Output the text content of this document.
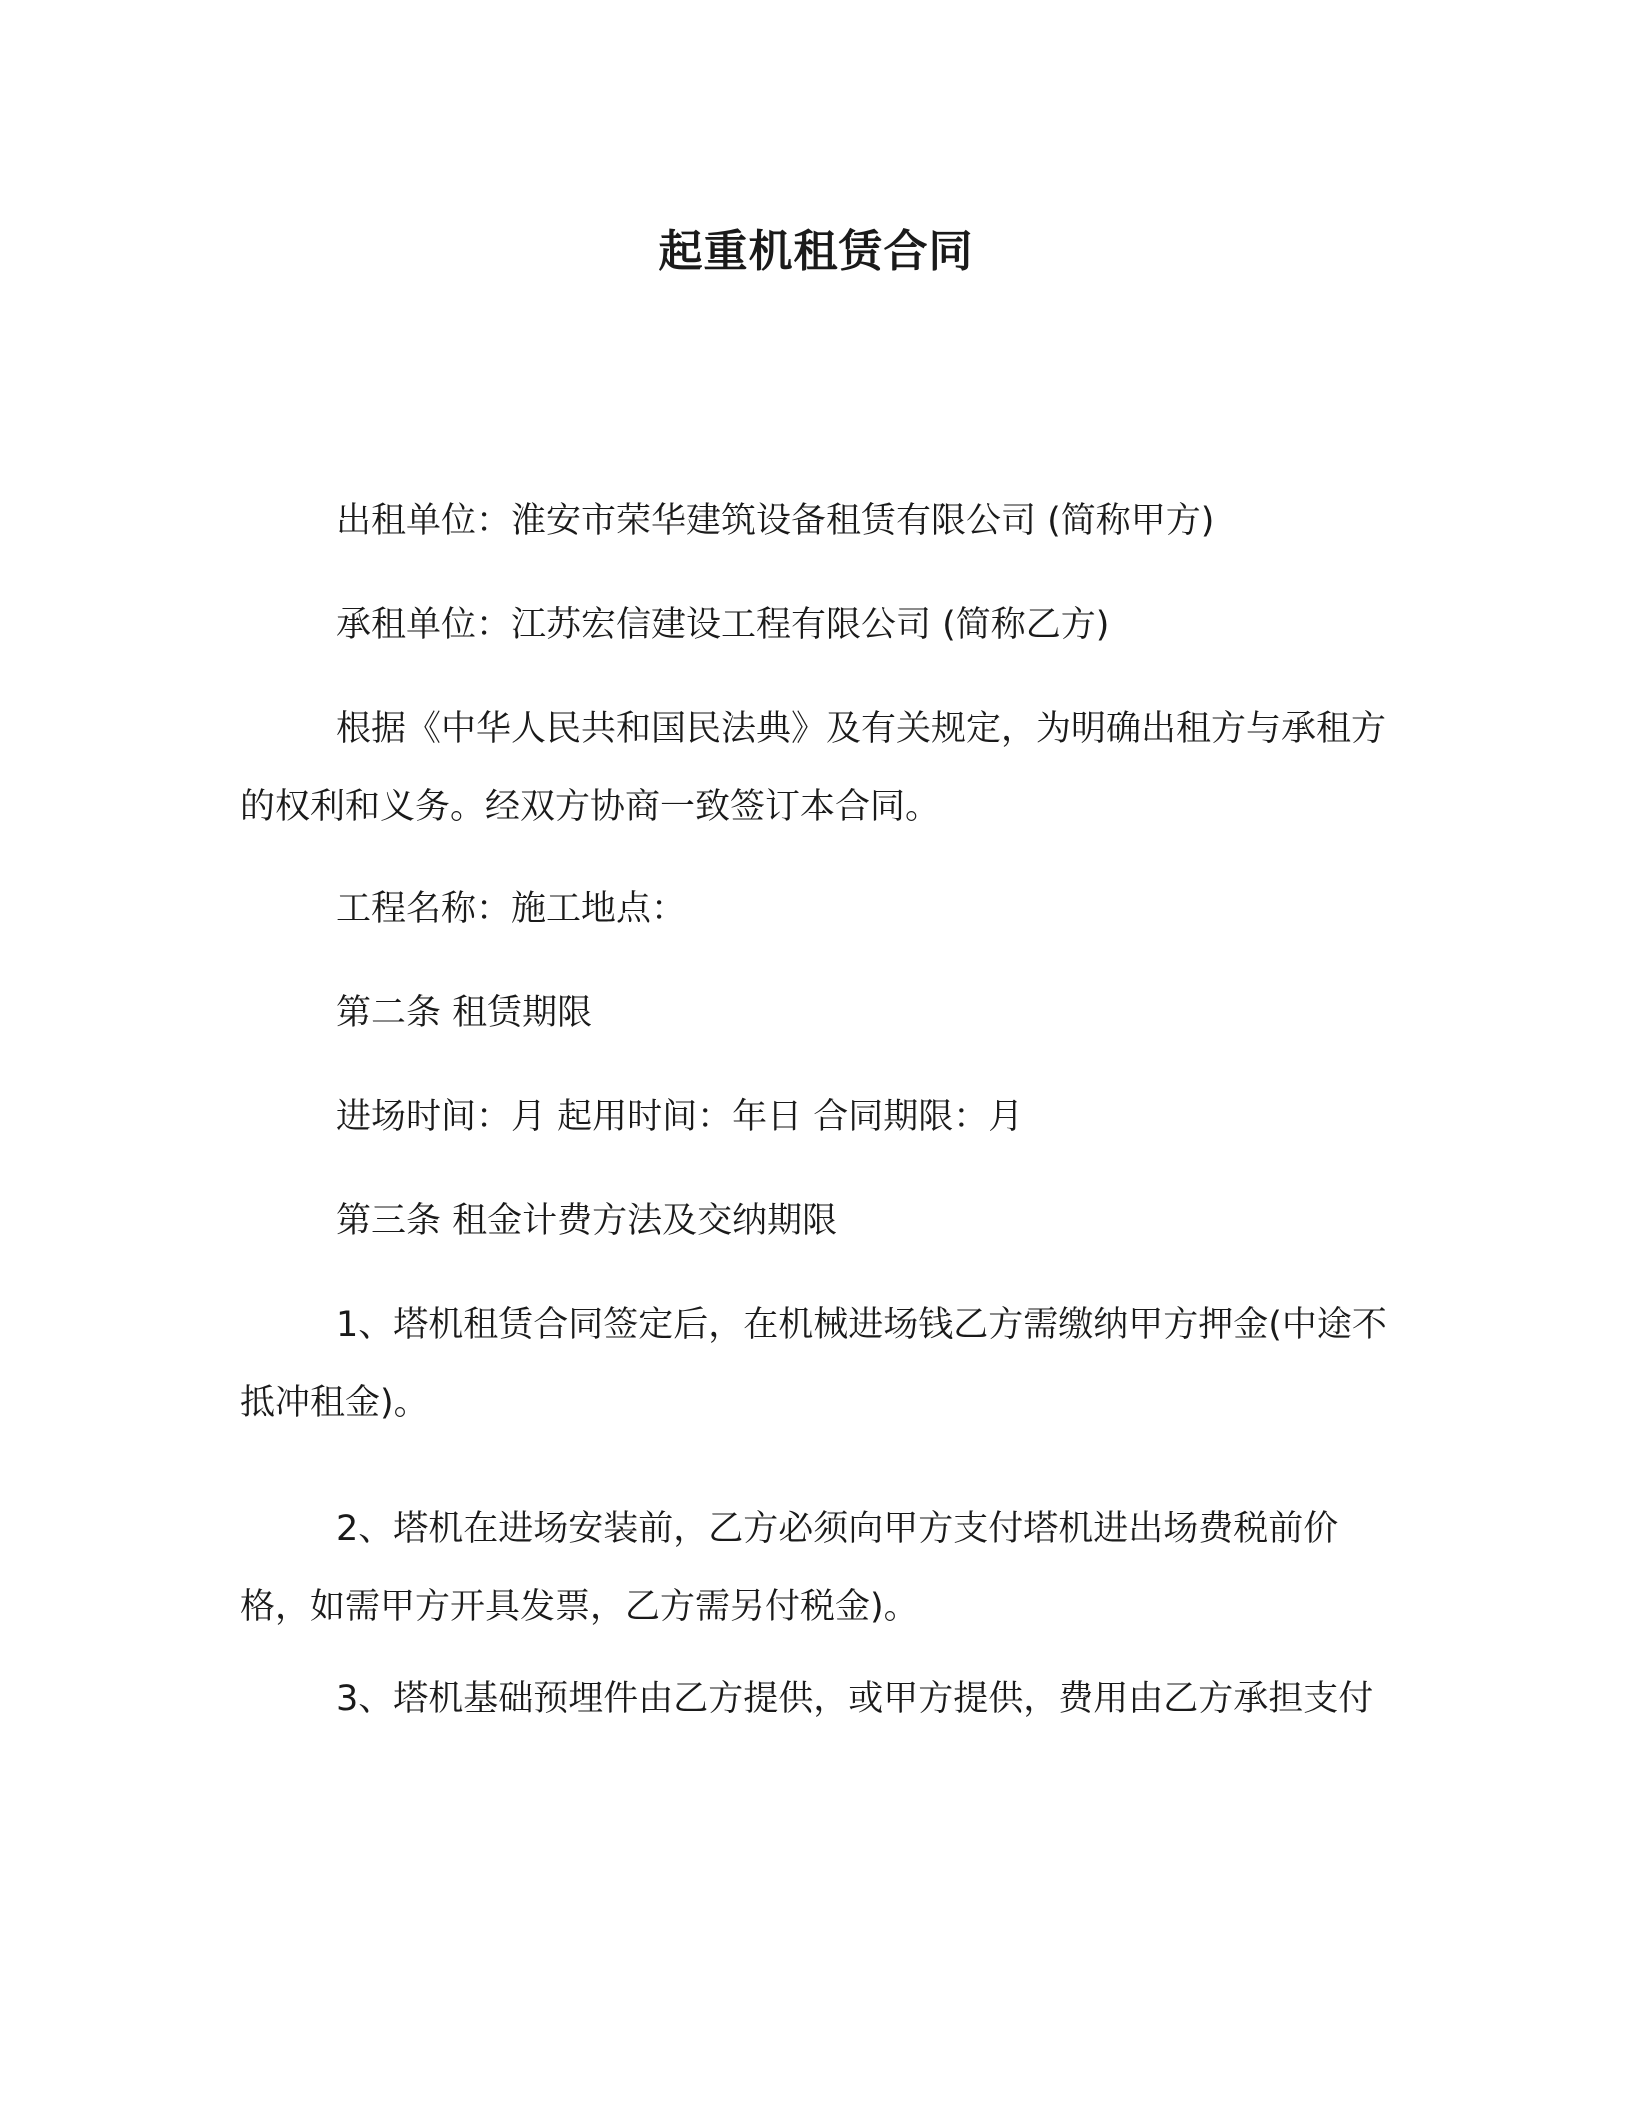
起重机租赁合同
出租单位：淮安市荣华建筑设备租赁有限公司 (简称甲方)
承租单位：江苏宏信建设工程有限公司 (简称乙方)
根据《中华人民共和国民法典》及有关规定，为明确出租方与承租方的权利和义务。经双方协商一致签订本合同。
工程名称：施工地点：
第二条 租赁期限
进场时间：月 起用时间：年日 合同期限：月
第三条 租金计费方法及交纳期限
1、塔机租赁合同签定后，在机械进场钱乙方需缴纳甲方押金(中途不抵冲租金)。
2、塔机在进场安装前，乙方必须向甲方支付塔机进出场费税前价格，如需甲方开具发票，乙方需另付税金)。
3、塔机基础预埋件由乙方提供，或甲方提供，费用由乙方承担支付
